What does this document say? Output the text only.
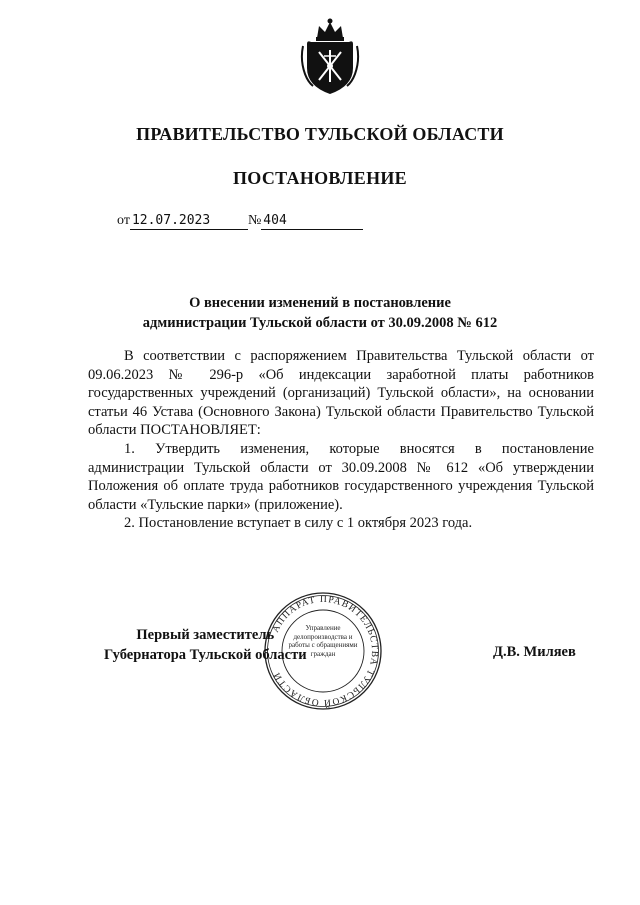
ПРАВИТЕЛЬСТВО ТУЛЬСКОЙ ОБЛАСТИ
ПОСТАНОВЛЕНИЕ
от 12.07.2023	№ 404
О внесении изменений в постановление
администрации Тульской области от 30.09.2008 № 612

В соответствии с распоряжением Правительства Тульской области от 09.06.2023 № 296-р «Об индексации заработной платы работников государственных учреждений (организаций) Тульской области», на основании статьи 46 Устава (Основного Закона) Тульской области Правительство Тульской области ПОСТАНОВЛЯЕТ:

1. Утвердить изменения, которые вносятся в постановление администрации Тульской области от 30.09.2008 № 612 «Об утверждении Положения об оплате труда работников государственного учреждения Тульской области «Тульские парки» (приложение).

2. Постановление вступает в силу с 1 октября 2023 года.

АППАРАТ ПРАВИТЕЛЬСТВА ТУЛЬСКОЙ ОБЛАСТИ
Управление делопроизводства и работы с обращениями граждан
Первый заместитель
Губернатора Тульской области	Д.В. Миляев
